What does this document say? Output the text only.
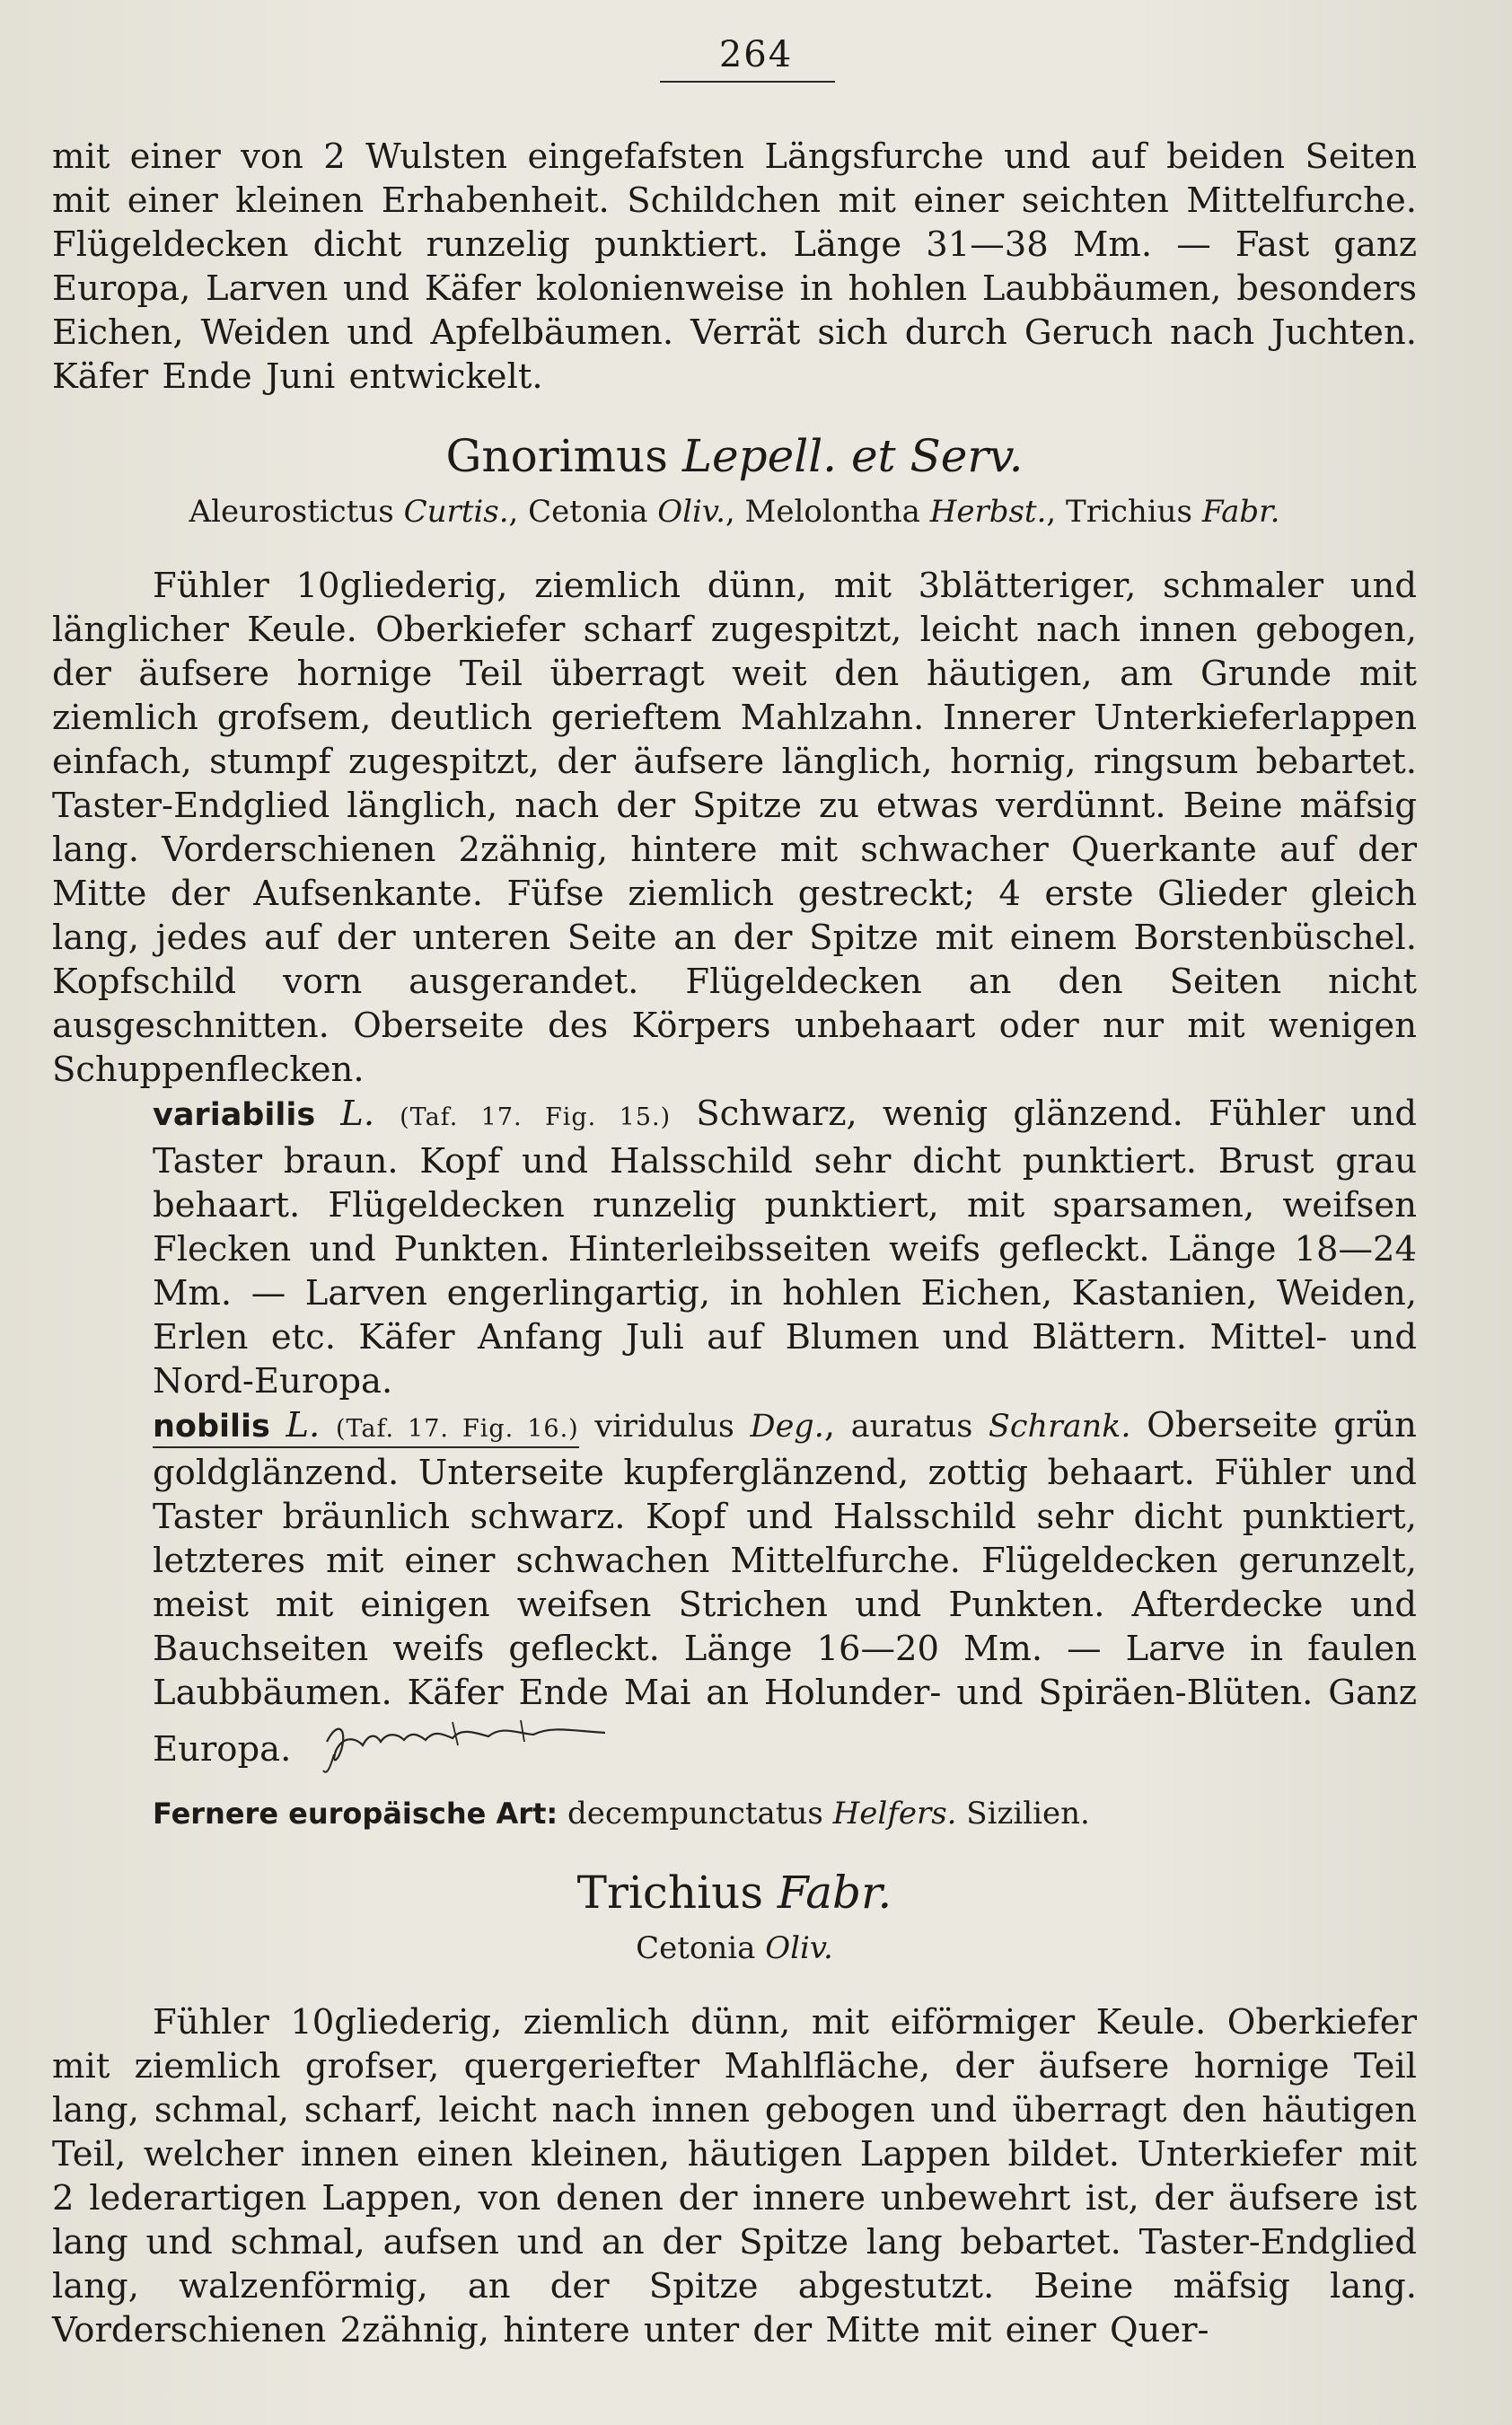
264

mit einer von 2 Wulsten eingefafsten Längsfurche und auf beiden Seiten mit einer kleinen Erhabenheit. Schildchen mit einer seichten Mittelfurche. Flügeldecken dicht runzelig punktiert. Länge 31—38 Mm. — Fast ganz Europa, Larven und Käfer kolonienweise in hohlen Laubbäumen, besonders Eichen, Weiden und Apfelbäumen. Verrät sich durch Geruch nach Juchten. Käfer Ende Juni entwickelt.

Gnorimus Lepell. et Serv.
Aleurostictus Curtis., Cetonia Oliv., Melolontha Herbst., Trichius Fabr.

Fühler 10gliederig, ziemlich dünn, mit 3blätteriger, schmaler und länglicher Keule. Oberkiefer scharf zugespitzt, leicht nach innen gebogen, der äufsere hornige Teil überragt weit den häutigen, am Grunde mit ziemlich grofsem, deutlich gerieftem Mahlzahn. Innerer Unterkieferlappen einfach, stumpf zugespitzt, der äufsere länglich, hornig, ringsum bebartet. Taster-Endglied länglich, nach der Spitze zu etwas verdünnt. Beine mäfsig lang. Vorderschienen 2zähnig, hintere mit schwacher Querkante auf der Mitte der Aufsenkante. Füfse ziemlich gestreckt; 4 erste Glieder gleich lang, jedes auf der unteren Seite an der Spitze mit einem Borstenbüschel. Kopfschild vorn ausgerandet. Flügeldecken an den Seiten nicht ausgeschnitten. Oberseite des Körpers unbehaart oder nur mit wenigen Schuppenflecken.

variabilis L. (Taf. 17. Fig. 15.) Schwarz, wenig glänzend. Fühler und Taster braun. Kopf und Halsschild sehr dicht punktiert. Brust grau behaart. Flügeldecken runzelig punktiert, mit sparsamen, weifsen Flecken und Punkten. Hinterleibsseiten weifs gefleckt. Länge 18—24 Mm. — Larven engerlingartig, in hohlen Eichen, Kastanien, Weiden, Erlen etc. Käfer Anfang Juli auf Blumen und Blättern. Mittel- und Nord-Europa.

nobilis L. (Taf. 17. Fig. 16.) viridulus Deg., auratus Schrank. Oberseite grün goldglänzend. Unterseite kupferglänzend, zottig behaart. Fühler und Taster bräunlich schwarz. Kopf und Halsschild sehr dicht punktiert, letzteres mit einer schwachen Mittelfurche. Flügeldecken gerunzelt, meist mit einigen weifsen Strichen und Punkten. Afterdecke und Bauchseiten weifs gefleckt. Länge 16—20 Mm. — Larve in faulen Laubbäumen. Käfer Ende Mai an Holunder- und Spiräen-Blüten. Ganz Europa.

Fernere europäische Art: decempunctatus Helfers. Sizilien.
Trichius Fabr.
Cetonia Oliv.

Fühler 10gliederig, ziemlich dünn, mit eiförmiger Keule. Oberkiefer mit ziemlich grofser, quergeriefter Mahlfläche, der äufsere hornige Teil lang, schmal, scharf, leicht nach innen gebogen und überragt den häutigen Teil, welcher innen einen kleinen, häutigen Lappen bildet. Unterkiefer mit 2 lederartigen Lappen, von denen der innere unbewehrt ist, der äufsere ist lang und schmal, aufsen und an der Spitze lang bebartet. Taster-Endglied lang, walzenförmig, an der Spitze abgestutzt. Beine mäfsig lang. Vorderschienen 2zähnig, hintere unter der Mitte mit einer Quer-
